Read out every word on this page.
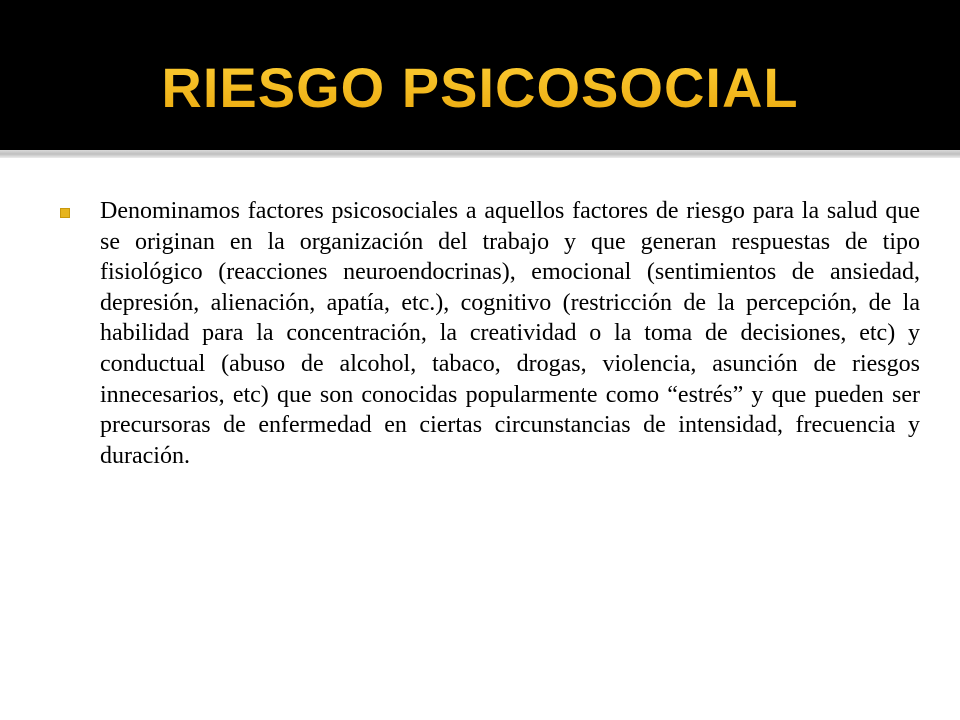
RIESGO PSICOSOCIAL

Denominamos factores psicosociales a aquellos factores de riesgo para la salud que se originan en la organización del trabajo y que generan respuestas de tipo fisiológico (reacciones neuroendocrinas), emocional (sentimientos de ansiedad, depresión, alienación, apatía, etc.), cognitivo (restricción de la percepción, de la habilidad para la concentración, la creatividad o la toma de decisiones, etc) y conductual (abuso de alcohol, tabaco, drogas, violencia, asunción de riesgos innecesarios, etc) que son conocidas popularmente como “estrés” y que pueden ser precursoras de enfermedad en ciertas circunstancias de intensidad, frecuencia y duración.
